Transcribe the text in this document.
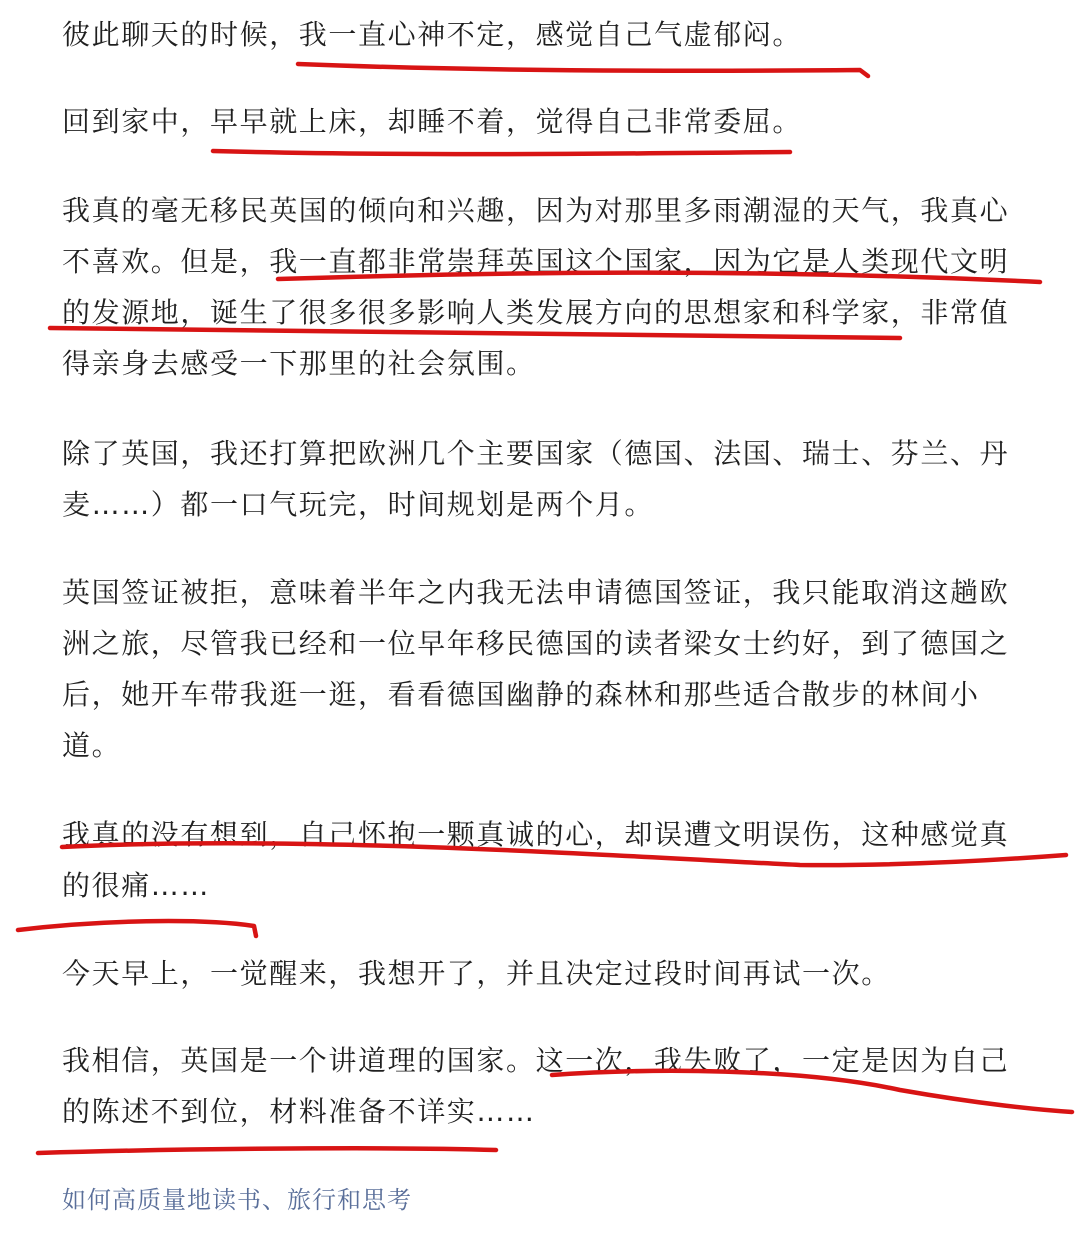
彼此聊天的时候，我一直心神不定，感觉自己气虚郁闷。

回到家中，早早就上床，却睡不着，觉得自己非常委屈。

我真的毫无移民英国的倾向和兴趣，因为对那里多雨潮湿的天气，我真心
不喜欢。但是，我一直都非常崇拜英国这个国家，因为它是人类现代文明
的发源地，诞生了很多很多影响人类发展方向的思想家和科学家，非常值
得亲身去感受一下那里的社会氛围。

除了英国，我还打算把欧洲几个主要国家（德国、法国、瑞士、芬兰、丹
麦……）都一口气玩完，时间规划是两个月。

英国签证被拒，意味着半年之内我无法申请德国签证，我只能取消这趟欧
洲之旅，尽管我已经和一位早年移民德国的读者梁女士约好，到了德国之
后，她开车带我逛一逛，看看德国幽静的森林和那些适合散步的林间小
道。

我真的没有想到，自己怀抱一颗真诚的心，却误遭文明误伤，这种感觉真
的很痛……

今天早上，一觉醒来，我想开了，并且决定过段时间再试一次。

我相信，英国是一个讲道理的国家。这一次，我失败了，一定是因为自己
的陈述不到位，材料准备不详实……

如何高质量地读书、旅行和思考
